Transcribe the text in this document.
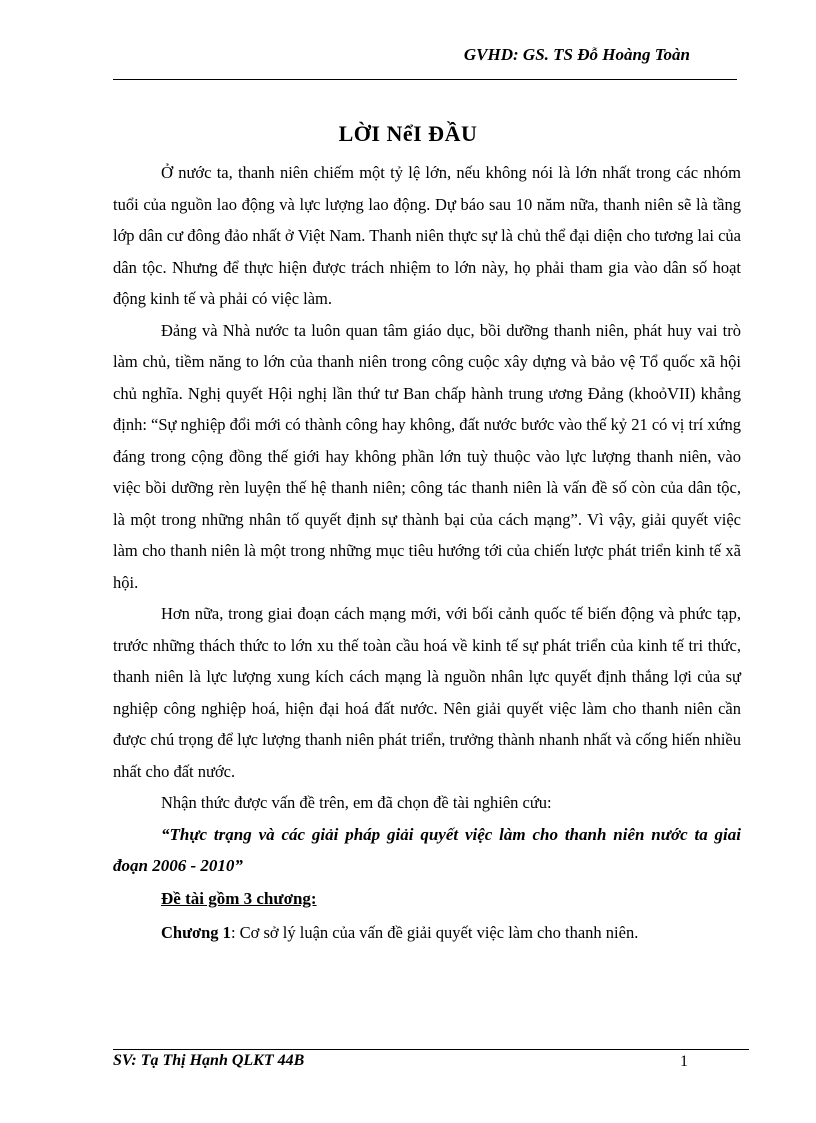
GVHD: GS. TS Đỗ Hoàng Toàn
LỜI NểI ĐẦU

Ở nước ta, thanh niên chiếm một tỷ lệ lớn, nếu không nói là lớn nhất trong các nhóm tuổi của nguồn lao động và lực lượng lao động. Dự báo sau 10 năm nữa, thanh niên sẽ là tầng lớp dân cư đông đảo nhất ở Việt Nam. Thanh niên thực sự là chủ thể đại diện cho tương lai của dân tộc. Nhưng để thực hiện được trách nhiệm to lớn này, họ phải tham gia vào dân số hoạt động kinh tế và phải có việc làm.

Đảng và Nhà nước ta luôn quan tâm giáo dục, bồi dưỡng thanh niên, phát huy vai trò làm chủ, tiềm năng to lớn của thanh niên trong công cuộc xây dựng và bảo vệ Tổ quốc xã hội chủ nghĩa. Nghị quyết Hội nghị lần thứ tư Ban chấp hành trung ương Đảng (khoỏVII) khẳng định: “Sự nghiệp đổi mới có thành công hay không, đất nước bước vào thế kỷ 21 có vị trí xứng đáng trong cộng đồng thế giới hay không phần lớn tuỳ thuộc vào lực lượng thanh niên, vào việc bồi dưỡng rèn luyện thế hệ thanh niên; công tác thanh niên là vấn đề số còn của dân tộc, là một trong những nhân tố quyết định sự thành bại của cách mạng”. Vì vậy, giải quyết việc làm cho thanh niên là một trong những mục tiêu hướng tới của chiến lược phát triển kinh tế xã hội.

Hơn nữa, trong giai đoạn cách mạng mới, với bối cảnh quốc tế biến động và phức tạp, trước những thách thức to lớn xu thế toàn cầu hoá về kinh tế sự phát triển của kinh tế tri thức, thanh niên là lực lượng xung kích cách mạng là nguồn nhân lực quyết định thắng lợi của sự nghiệp công nghiệp hoá, hiện đại hoá đất nước. Nên giải quyết việc làm cho thanh niên cần được chú trọng để lực lượng thanh niên phát triển, trưởng thành nhanh nhất và cống hiến nhiều nhất cho đất nước.

Nhận thức được vấn đề trên, em đã chọn đề tài nghiên cứu:

“Thực trạng và các giải pháp giải quyết việc làm cho thanh niên nước ta giai đoạn 2006 - 2010”

Đề tài gồm 3 chương:

Chương 1: Cơ sở lý luận của vấn đề giải quyết việc làm cho thanh niên.

SV: Tạ Thị Hạnh QLKT 44B	1
